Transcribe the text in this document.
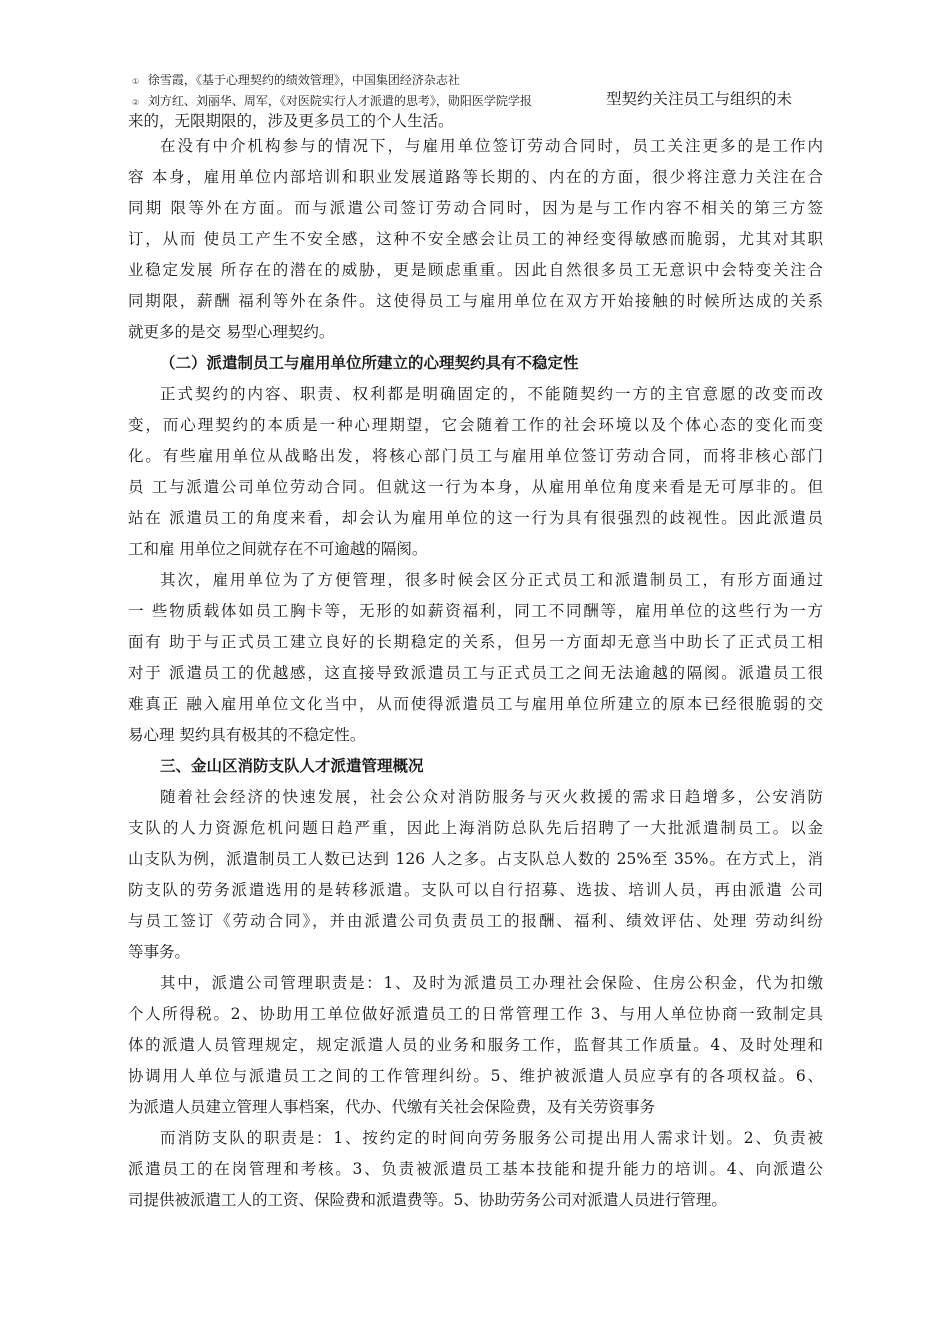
① 徐雪霞，《基于心理契约的绩效管理》，中国集团经济杂志社
② 刘方红、刘丽华、周军，《对医院实行人才派遣的思考》，勋阳医学院学报	型契约关注员工与组织的未
来的，无限期限的，涉及更多员工的个人生活。
在没有中介机构参与的情况下，与雇用单位签订劳动合同时，员工关注更多的是工作内
容 本身，雇用单位内部培训和职业发展道路等长期的、内在的方面，很少将注意力关注在合
同期 限等外在方面。而与派遣公司签订劳动合同时，因为是与工作内容不相关的第三方签
订，从而 使员工产生不安全感，这种不安全感会让员工的神经变得敏感而脆弱，尤其对其职
业稳定发展 所存在的潜在的威胁，更是顾虑重重。因此自然很多员工无意识中会特变关注合
同期限，薪酬 福利等外在条件。这使得员工与雇用单位在双方开始接触的时候所达成的关系
就更多的是交 易型心理契约。
（二）派遣制员工与雇用单位所建立的心理契约具有不稳定性
正式契约的内容、职责、权利都是明确固定的，不能随契约一方的主官意愿的改变而改
变，而心理契约的本质是一种心理期望，它会随着工作的社会环境以及个体心态的变化而变
化。有些雇用单位从战略出发，将核心部门员工与雇用单位签订劳动合同，而将非核心部门
员 工与派遣公司单位劳动合同。但就这一行为本身，从雇用单位角度来看是无可厚非的。但
站在 派遣员工的角度来看，却会认为雇用单位的这一行为具有很强烈的歧视性。因此派遣员
工和雇 用单位之间就存在不可逾越的隔阂。
其次，雇用单位为了方便管理，很多时候会区分正式员工和派遣制员工，有形方面通过
一 些物质载体如员工胸卡等，无形的如薪资福利，同工不同酬等，雇用单位的这些行为一方
面有 助于与正式员工建立良好的长期稳定的关系，但另一方面却无意当中助长了正式员工相
对于 派遣员工的优越感，这直接导致派遣员工与正式员工之间无法逾越的隔阂。派遣员工很
难真正 融入雇用单位文化当中，从而使得派遣员工与雇用单位所建立的原本已经很脆弱的交
易心理 契约具有极其的不稳定性。
三、金山区消防支队人才派遣管理概况
随着社会经济的快速发展，社会公众对消防服务与灭火救援的需求日趋增多，公安消防
支队的人力资源危机问题日趋严重，因此上海消防总队先后招聘了一大批派遣制员工。以金
山支队为例，派遣制员工人数已达到 126 人之多。占支队总人数的 25%至 35%。在方式上，消
防支队的劳务派遣选用的是转移派遣。支队可以自行招募、选拔、培训人员，再由派遣 公司
与员工签订《劳动合同》，并由派遣公司负责员工的报酬、福利、绩效评估、处理 劳动纠纷
等事务。
其中，派遣公司管理职责是：1、及时为派遣员工办理社会保险、住房公积金，代为扣缴
个人所得税。2、协助用工单位做好派遣员工的日常管理工作 3、与用人单位协商一致制定具
体的派遣人员管理规定，规定派遣人员的业务和服务工作，监督其工作质量。4、及时处理和
协调用人单位与派遣员工之间的工作管理纠纷。5、维护被派遣人员应享有的各项权益。6、
为派遣人员建立管理人事档案，代办、代缴有关社会保险费，及有关劳资事务
而消防支队的职责是：1、按约定的时间向劳务服务公司提出用人需求计划。2、负责被
派遣员工的在岗管理和考核。3、负责被派遣员工基本技能和提升能力的培训。4、向派遣公
司提供被派遣工人的工资、保险费和派遣费等。5、协助劳务公司对派遣人员进行管理。
